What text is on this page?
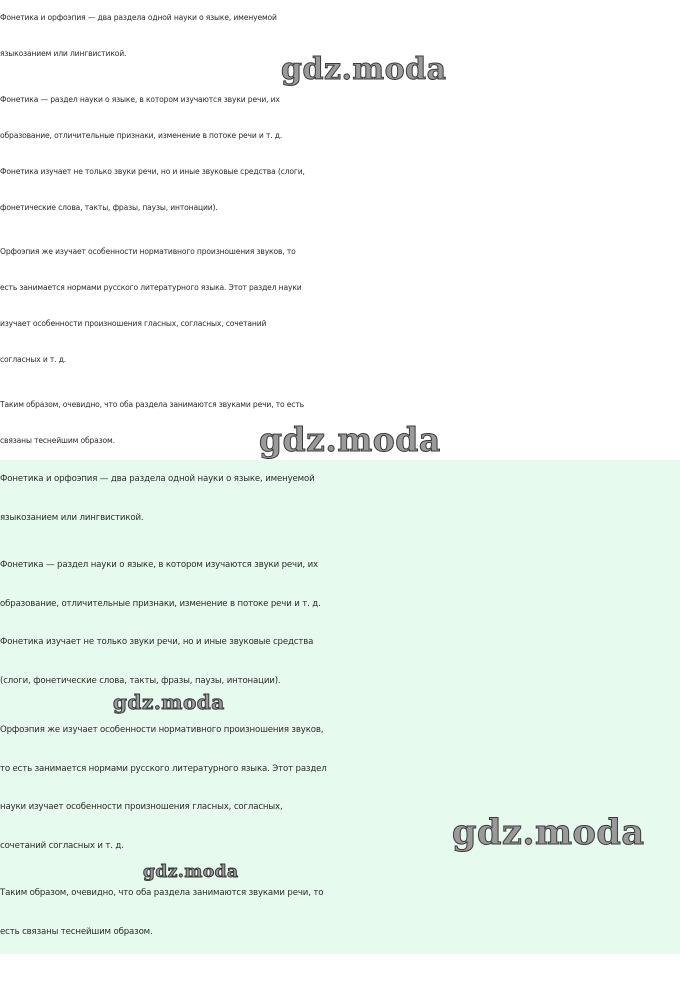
Фонетика и орфоэпия — два раздела одной науки о языке, именуемой
языкозанием или лингвистикой.

Фонетика — раздел науки о языке, в котором изучаются звуки речи, их
образование, отличительные признаки, изменение в потоке речи и т. д.
Фонетика изучает не только звуки речи, но и иные звуковые средства (слоги,
фонетические слова, такты, фразы, паузы, интонации).

Орфоэпия же изучает особенности нормативного произношения звуков, то
есть занимается нормами русского литературного языка. Этот раздел науки
изучает особенности произношения гласных, согласных, сочетаний
согласных и т. д.

Таким образом, очевидно, что оба раздела занимаются звуками речи, то есть
связаны теснейшим образом.

Фонетика и орфоэпия — два раздела одной науки о языке, именуемой
языкозанием или лингвистикой.

Фонетика — раздел науки о языке, в котором изучаются звуки речи, их
образование, отличительные признаки, изменение в потоке речи и т. д.
Фонетика изучает не только звуки речи, но и иные звуковые средства
(слоги, фонетические слова, такты, фразы, паузы, интонации).

Орфоэпия же изучает особенности нормативного произношения звуков,
то есть занимается нормами русского литературного языка. Этот раздел
науки изучает особенности произношения гласных, согласных,
сочетаний согласных и т. д.

Таким образом, очевидно, что оба раздела занимаются звуками речи, то
есть связаны теснейшим образом.

gdz.moda
gdz.moda
gdz.moda
gdz.moda
gdz.moda
